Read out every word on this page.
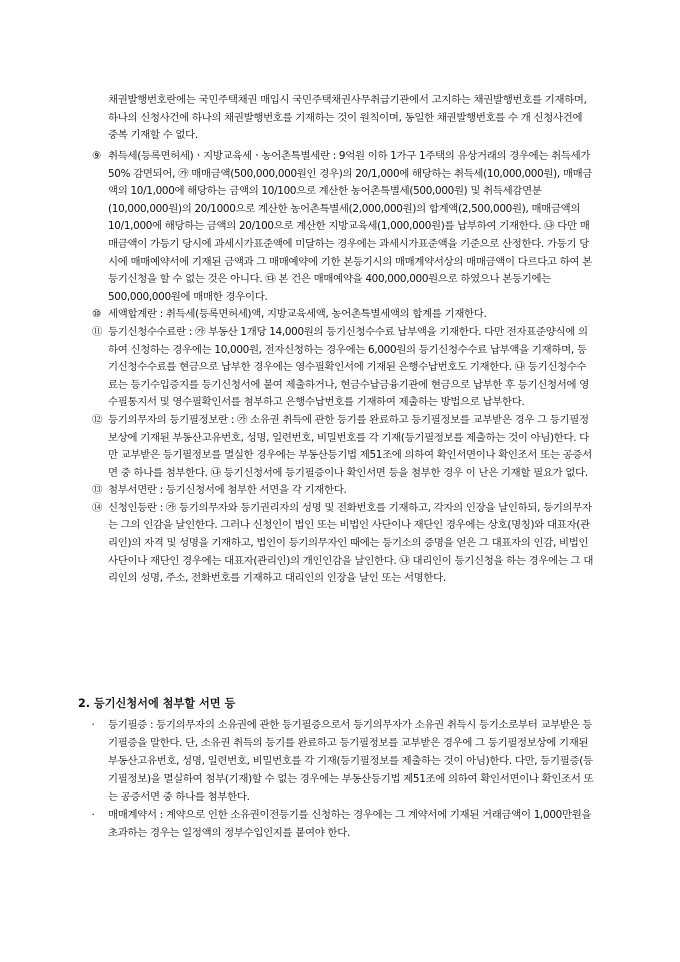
채권발행번호란에는 국민주택채권 매입시 국민주택채권사무취급기관에서 고지하는 채권발행번호를 기재하며, 하나의 신청사건에 하나의 채권발행번호를 기재하는 것이 원칙이며, 동일한 채권발행번호를 수 개 신청사건에 중복 기재할 수 없다.
⑨ 취득세(등록면허세)ㆍ지방교육세ㆍ농어촌특별세란 : 9억원 이하 1가구 1주택의 유상거래의 경우에는 취득세가 50% 감면되어, ㉮ 매매금액(500,000,000원인 경우)의 20/1,000에 해당하는 취득세(10,000,000원), 매매금액의 10/1,000에 해당하는 금액의 10/100으로 계산한 농어촌특별세(500,000원) 및 취득세감면분(10,000,000원)의 20/1000으로 계산한 농어촌특별세(2,000,000원)의 합계액(2,500,000원), 매매금액의 10/1,000에 해당하는 금액의 20/100으로 계산한 지방교육세(1,000,000원)를 납부하여 기재한다. ㉯ 다만 매매금액이 가등기 당시에 과세시가표준액에 미달하는 경우에는 과세시가표준액을 기준으로 산정한다. 가등기 당시에 매매예약서에 기재된 금액과 그 매매예약에 기한 본등기시의 매매계약서상의 매매금액이 다르다고 하여 본등기신청을 할 수 없는 것은 아니다. ㉰ 본 건은 매매예약을 400,000,000원으로 하였으나 본등기에는 500,000,000원에 매매한 경우이다.
⑩ 세액합계란 : 취득세(등록면허세)액, 지방교육세액, 농어촌특별세액의 합계를 기재한다.
⑪ 등기신청수수료란 : ㉮ 부동산 1개당 14,000원의 등기신청수수료 납부액을 기재한다. 다만 전자표준양식에 의하여 신청하는 경우에는 10,000원, 전자신청하는 경우에는 6,000원의 등기신청수수료 납부액을 기재하며, 등기신청수수료를 현금으로 납부한 경우에는 영수필확인서에 기재된 은행수납번호도 기재한다. ㉯ 등기신청수수료는 등기수입증지를 등기신청서에 붙여 제출하거나, 현금수납금융기관에 현금으로 납부한 후 등기신청서에 영수필통지서 및 영수필확인서를 첨부하고 은행수납번호를 기재하여 제출하는 방법으로 납부한다.
⑫ 등기의무자의 등기필정보란 : ㉮ 소유권 취득에 관한 등기를 완료하고 등기필정보를 교부받은 경우 그 등기필정보상에 기재된 부동산고유번호, 성명, 일련번호, 비밀번호를 각 기재(등기필정보를 제출하는 것이 아님)한다. 다만 교부받은 등기필정보를 멸실한 경우에는 부동산등기법 제51조에 의하여 확인서면이나 확인조서 또는 공증서면 중 하나를 첨부한다. ㉯ 등기신청서에 등기필증이나 확인서면 등을 첨부한 경우 이 난은 기재할 필요가 없다.
⑬ 첨부서면란 : 등기신청서에 첨부한 서면을 각 기재한다.
⑭ 신청인등란 : ㉮ 등기의무자와 등기권리자의 성명 및 전화번호를 기재하고, 각자의 인장을 날인하되, 등기의무자는 그의 인감을 날인한다. 그러나 신청인이 법인 또는 비법인 사단이나 재단인 경우에는 상호(명칭)와 대표자(관리인)의 자격 및 성명을 기재하고, 법인이 등기의무자인 때에는 등기소의 증명을 얻은 그 대표자의 인감, 비법인 사단이나 재단인 경우에는 대표자(관리인)의 개인인감을 날인한다. ㉯ 대리인이 등기신청을 하는 경우에는 그 대리인의 성명, 주소, 전화번호를 기재하고 대리인의 인장을 날인 또는 서명한다.
2. 등기신청서에 첨부할 서면 등
·	등기필증 : 등기의무자의 소유권에 관한 등기필증으로서 등기의무자가 소유권 취득시 등기소로부터 교부받은 등기필증을 말한다. 단, 소유권 취득의 등기를 완료하고 등기필정보를 교부받은 경우에 그 등기필정보상에 기재된 부동산고유번호, 성명, 일련번호, 비밀번호를 각 기재(등기필정보를 제출하는 것이 아님)한다. 다만, 등기필증(등기필정보)을 멸실하여 첨부(기재)할 수 없는 경우에는 부동산등기법 제51조에 의하여 확인서면이나 확인조서 또는 공증서면 중 하나를 첨부한다.
·	매매계약서 : 계약으로 인한 소유권이전등기를 신청하는 경우에는 그 계약서에 기재된 거래금액이 1,000만원을 초과하는 경우는 일정액의 정부수입인지를 붙여야 한다.
